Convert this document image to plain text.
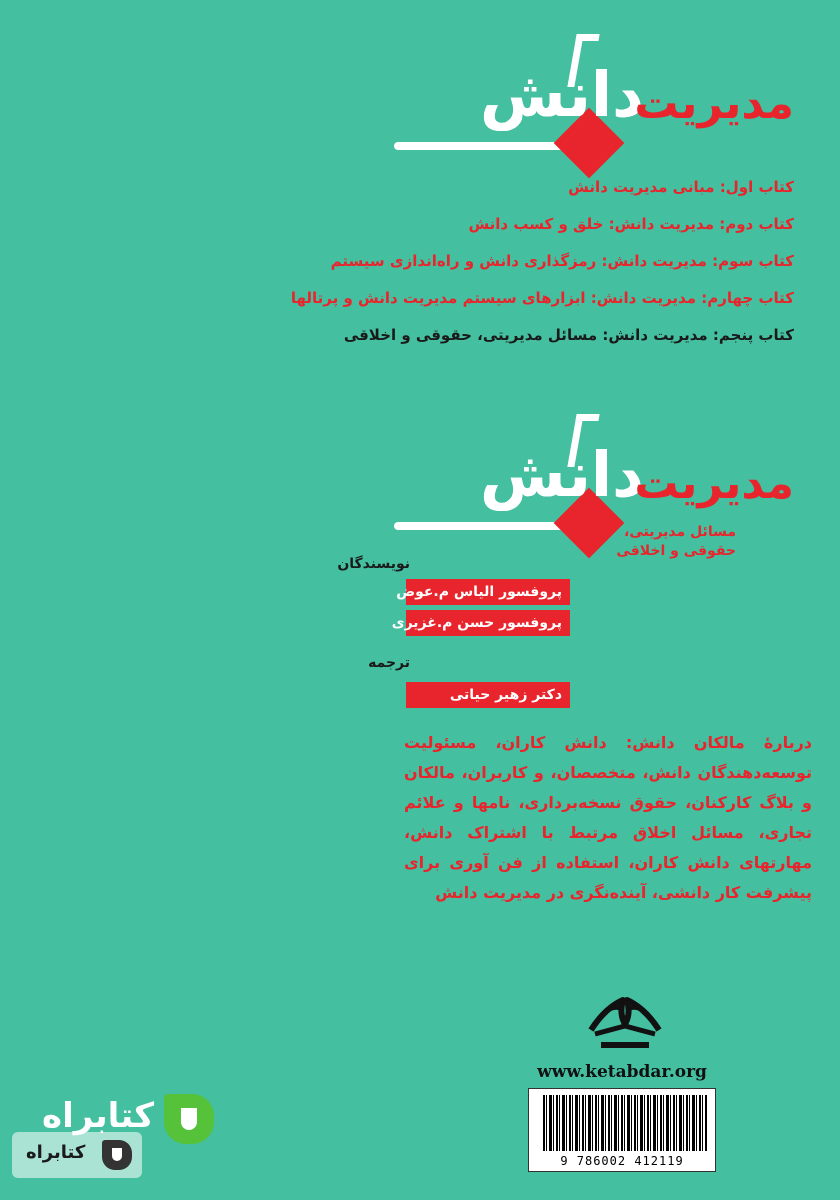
دانش
مدیریت
کتاب اول: مبانی مدیریت دانش
کتاب دوم: مدیریت دانش: خلق و کسب دانش
کتاب سوم: مدیریت دانش: رمزگذاری دانش و راه‌اندازی سیستم
کتاب چهارم: مدیریت دانش: ابزارهای سیستم مدیریت دانش و پرتالها
کتاب پنجم: مدیریت دانش: مسائل مدیریتی، حقوقی و اخلاقی
دانش
مدیریت
مسائل مدیریتی،
حقوقی و اخلاقی
نویسندگان
پروفسور الیاس م.عوض
پروفسور حسن م.غزیری
ترجمه
دکتر زهیر حیاتی
درباره‌ٔ مالکان دانش: دانش کاران، مسئولیت توسعه‌دهندگان دانش، متخصصان، و کاربران، مالکان و بلاگ کارکنان، حقوق نسخه‌برداری، نامها و علائم تجاری، مسائل اخلاق مرتبط با اشتراک دانش، مهارتهای دانش کاران، استفاده از فن آوری برای پیشرفت کار دانشی، آینده‌نگری در مدیریت دانش
www.ketabdar.org
9 786002 412119
کتابراه
کتابراه
